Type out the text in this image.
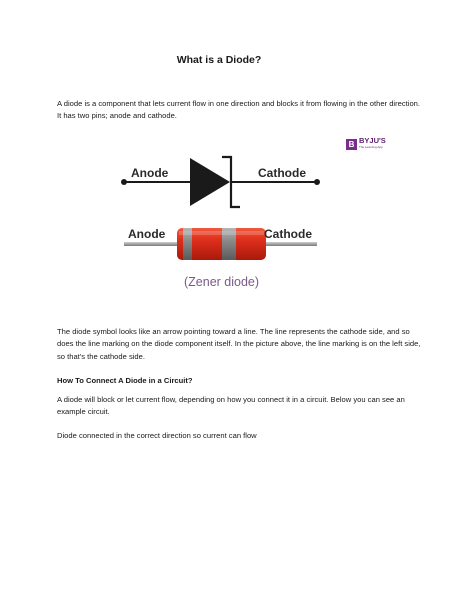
What is a Diode?
A diode is a component that lets current flow in one direction and blocks it from flowing in the other direction. It has two pins; anode and cathode.
B BYJU'S
The Learning App
Anode	Cathode
Anode	Cathode
(Zener diode)
The diode symbol looks like an arrow pointing toward a line. The line represents the cathode side, and so does the line marking on the diode component itself. In the picture above, the line marking is on the left side, so that's the cathode side.
How To Connect A Diode in a Circuit?
A diode will block or let current flow, depending on how you connect it in a circuit. Below you can see an example circuit.
Diode connected in the correct direction so current can flow
